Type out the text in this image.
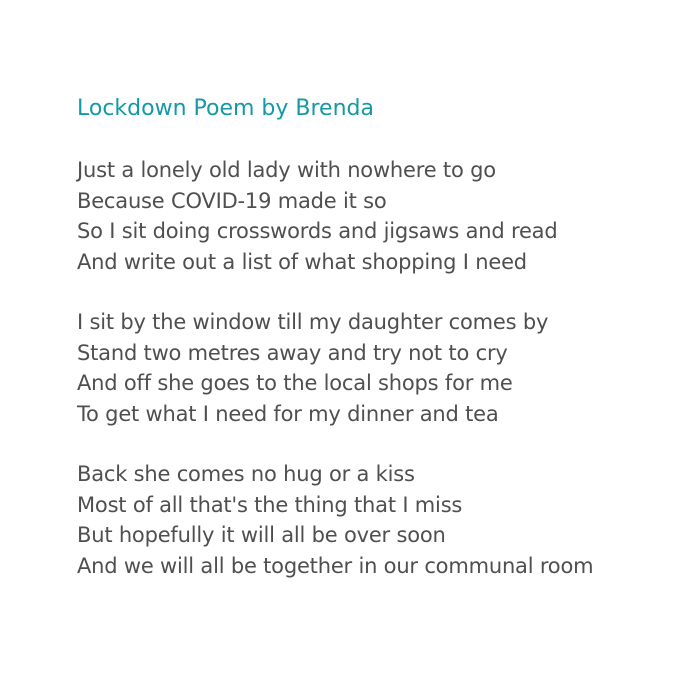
Lockdown Poem by Brenda
Just a lonely old lady with nowhere to go
Because COVID-19 made it so
So I sit doing crosswords and jigsaws and read
And write out a list of what shopping I need
I sit by the window till my daughter comes by
Stand two metres away and try not to cry
And off she goes to the local shops for me
To get what I need for my dinner and tea
Back she comes no hug or a kiss
Most of all that's the thing that I miss
But hopefully it will all be over soon
And we will all be together in our communal room
